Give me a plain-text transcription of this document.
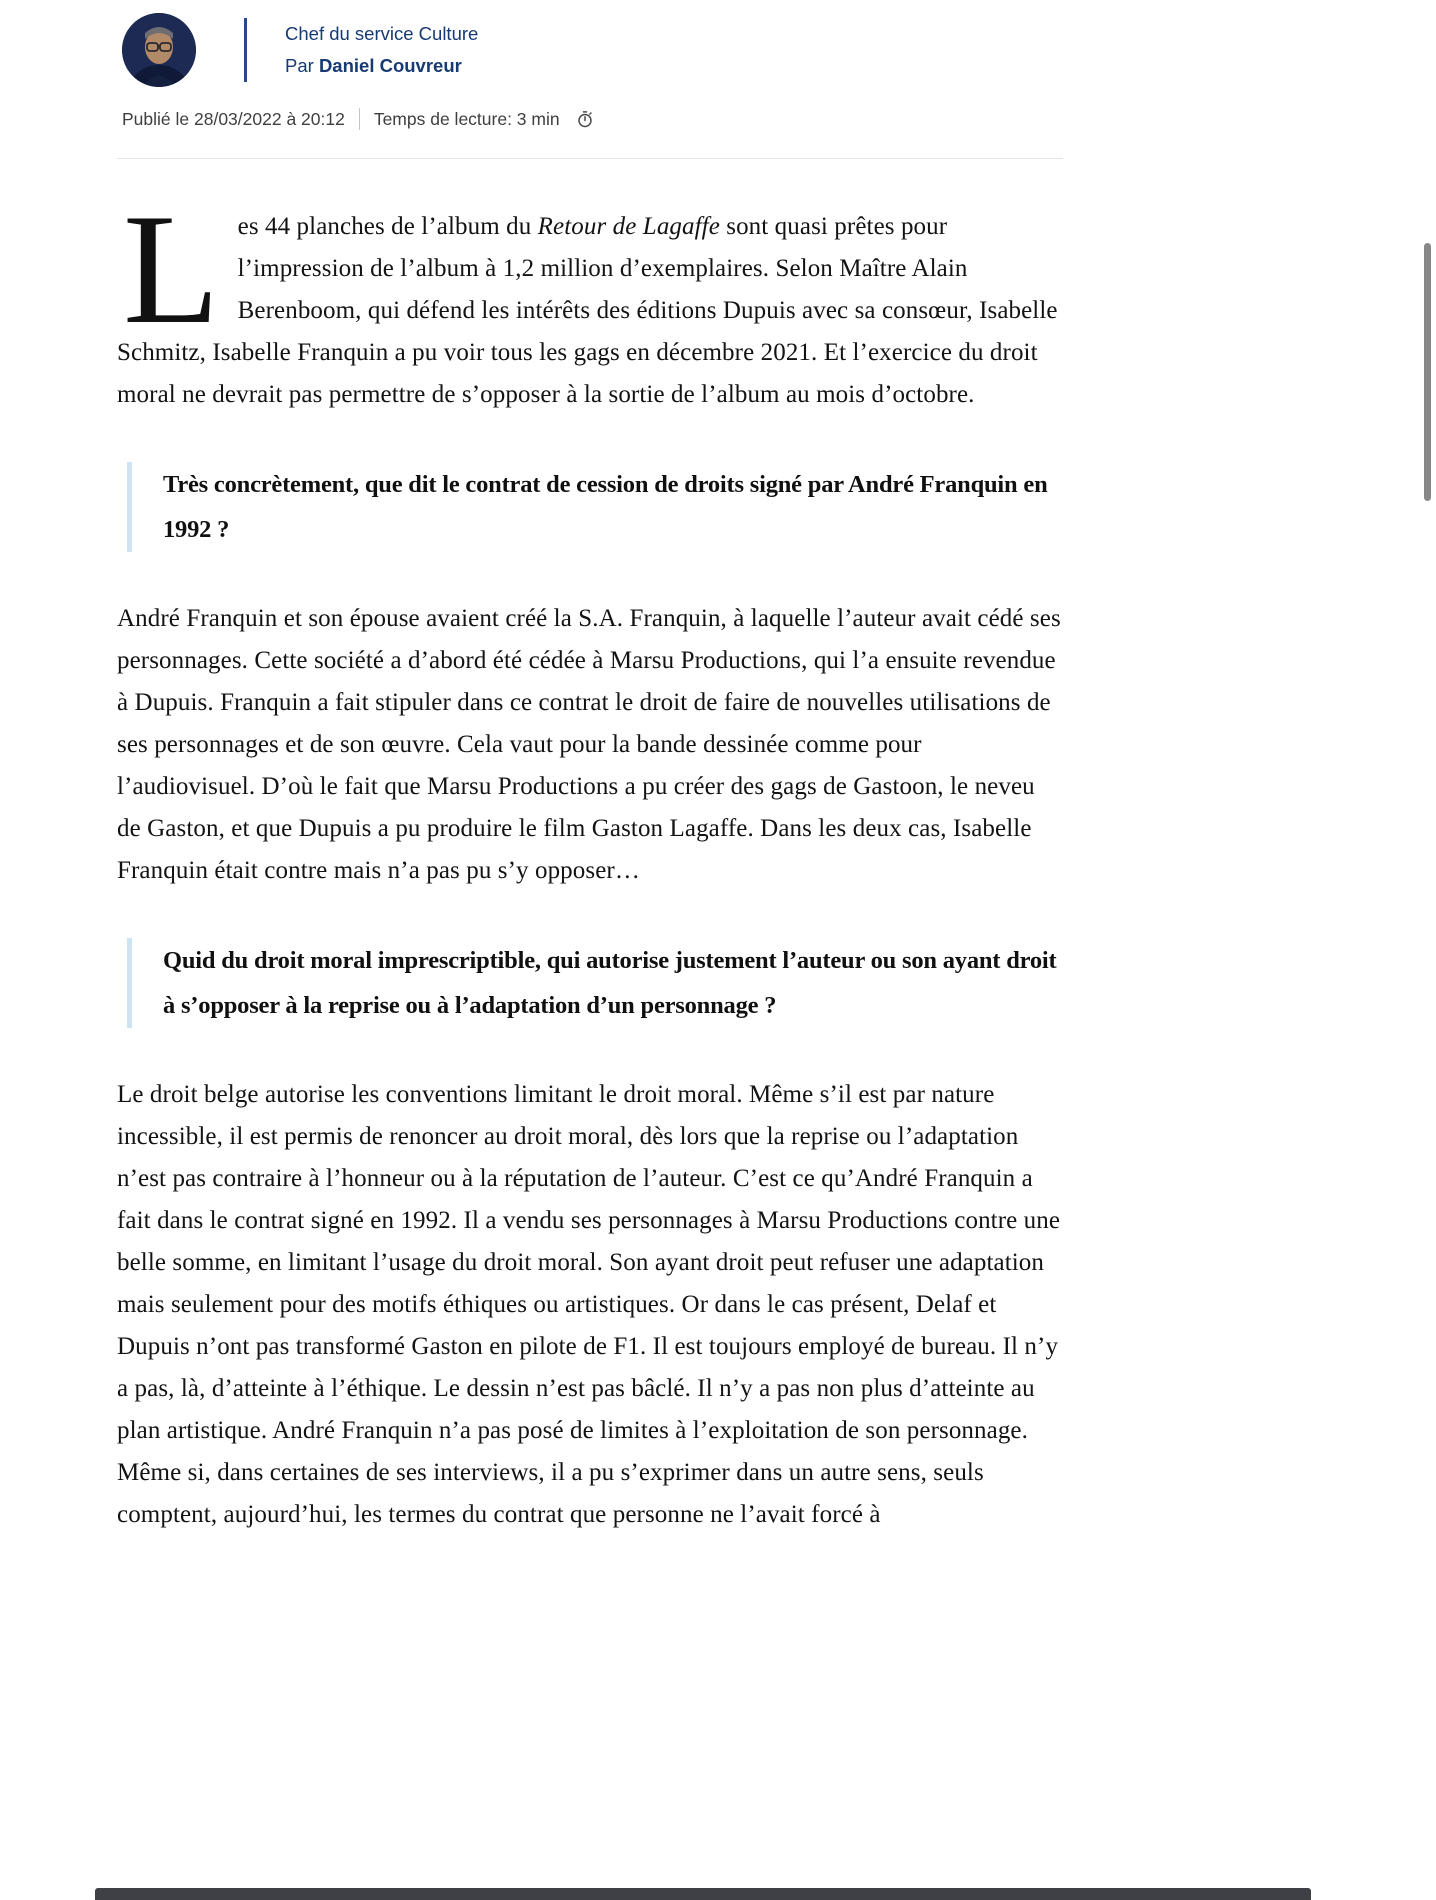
Chef du service Culture
Par Daniel Couvreur
Publié le 28/03/2022 à 20:12 Temps de lecture: 3 min

Les 44 planches de l’album du Retour de Lagaffe sont quasi prêtes pour l’impression de l’album à 1,2 million d’exemplaires. Selon Maître Alain Berenboom, qui défend les intérêts des éditions Dupuis avec sa consœur, Isabelle Schmitz, Isabelle Franquin a pu voir tous les gags en décembre 2021. Et l’exercice du droit moral ne devrait pas permettre de s’opposer à la sortie de l’album au mois d’octobre.

Très concrètement, que dit le contrat de cession de droits signé par André Franquin en 1992 ?

André Franquin et son épouse avaient créé la S.A. Franquin, à laquelle l’auteur avait cédé ses personnages. Cette société a d’abord été cédée à Marsu Productions, qui l’a ensuite revendue à Dupuis. Franquin a fait stipuler dans ce contrat le droit de faire de nouvelles utilisations de ses personnages et de son œuvre. Cela vaut pour la bande dessinée comme pour l’audiovisuel. D’où le fait que Marsu Productions a pu créer des gags de Gastoon, le neveu de Gaston, et que Dupuis a pu produire le film Gaston Lagaffe. Dans les deux cas, Isabelle Franquin était contre mais n’a pas pu s’y opposer…

Quid du droit moral imprescriptible, qui autorise justement l’auteur ou son ayant droit à s’opposer à la reprise ou à l’adaptation d’un personnage ?

Le droit belge autorise les conventions limitant le droit moral. Même s’il est par nature incessible, il est permis de renoncer au droit moral, dès lors que la reprise ou l’adaptation n’est pas contraire à l’honneur ou à la réputation de l’auteur. C’est ce qu’André Franquin a fait dans le contrat signé en 1992. Il a vendu ses personnages à Marsu Productions contre une belle somme, en limitant l’usage du droit moral. Son ayant droit peut refuser une adaptation mais seulement pour des motifs éthiques ou artistiques. Or dans le cas présent, Delaf et Dupuis n’ont pas transformé Gaston en pilote de F1. Il est toujours employé de bureau. Il n’y a pas, là, d’atteinte à l’éthique. Le dessin n’est pas bâclé. Il n’y a pas non plus d’atteinte au plan artistique. André Franquin n’a pas posé de limites à l’exploitation de son personnage. Même si, dans certaines de ses interviews, il a pu s’exprimer dans un autre sens, seuls comptent, aujourd’hui, les termes du contrat que personne ne l’avait forcé à
